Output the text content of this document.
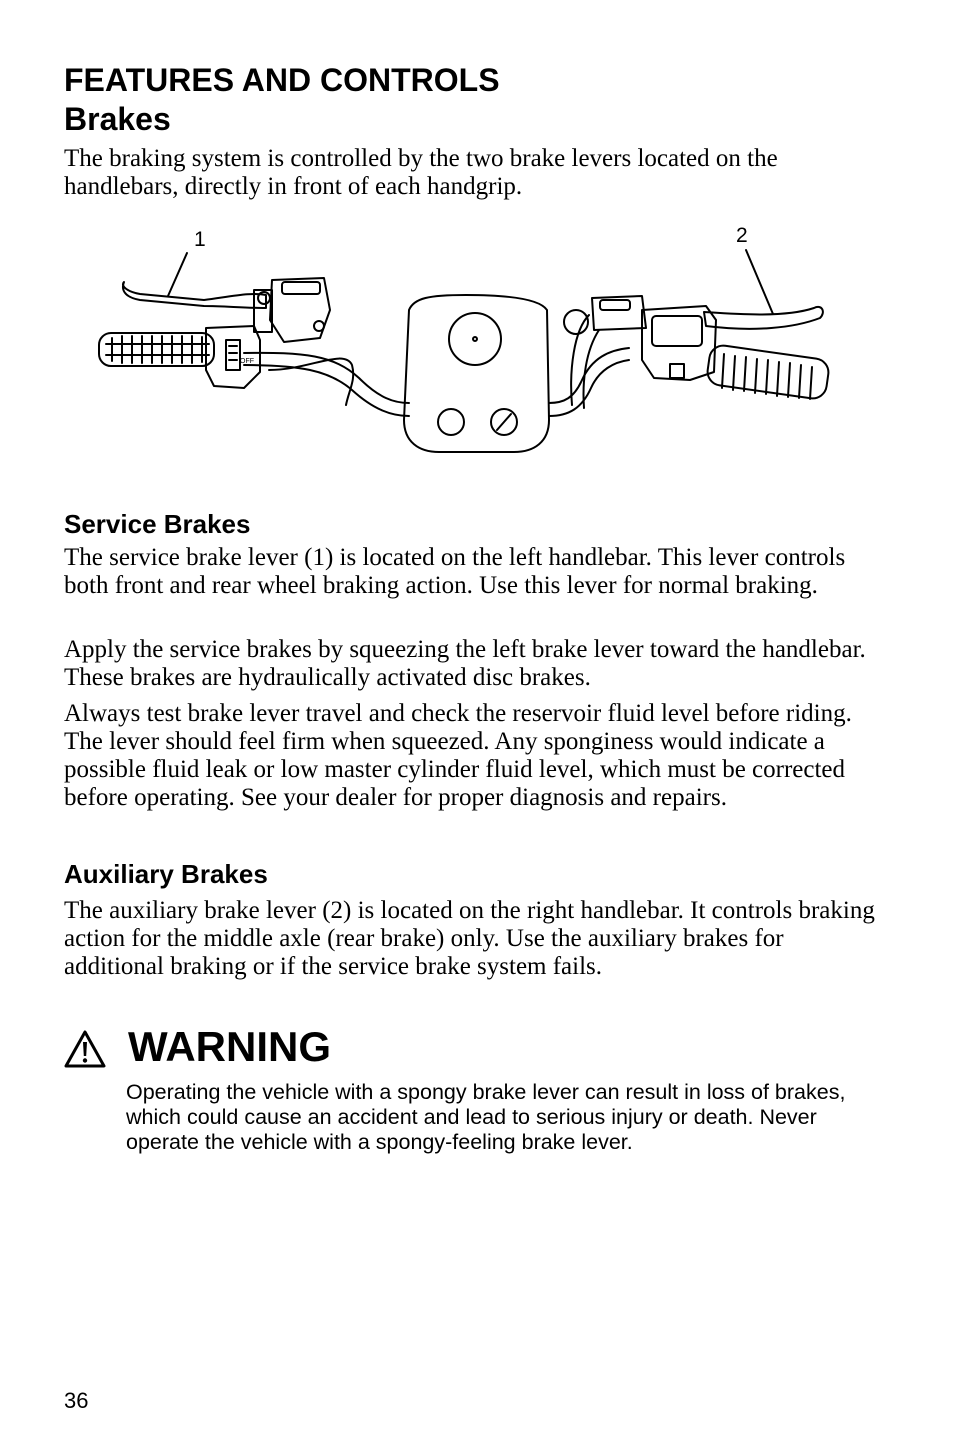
FEATURES AND CONTROLS
Brakes

The braking system is controlled by the two brake levers located on the handlebars, directly in front of each handgrip.

OFF
1	2
Service Brakes

The service brake lever (1) is located on the left handlebar. This lever controls both front and rear wheel braking action. Use this lever for normal braking.

Apply the service brakes by squeezing the left brake lever toward the handlebar. These brakes are hydraulically activated disc brakes.

Always test brake lever travel and check the reservoir fluid level before riding. The lever should feel firm when squeezed. Any sponginess would indicate a possible fluid leak or low master cylinder fluid level, which must be corrected before operating. See your dealer for proper diagnosis and repairs.

Auxiliary Brakes

The auxiliary brake lever (2) is located on the right handlebar. It controls braking action for the middle axle (rear brake) only. Use the auxiliary brakes for additional braking or if the service brake system fails.

WARNING

Operating the vehicle with a spongy brake lever can result in loss of brakes, which could cause an accident and lead to serious injury or death. Never operate the vehicle with a spongy-feeling brake lever.

36
